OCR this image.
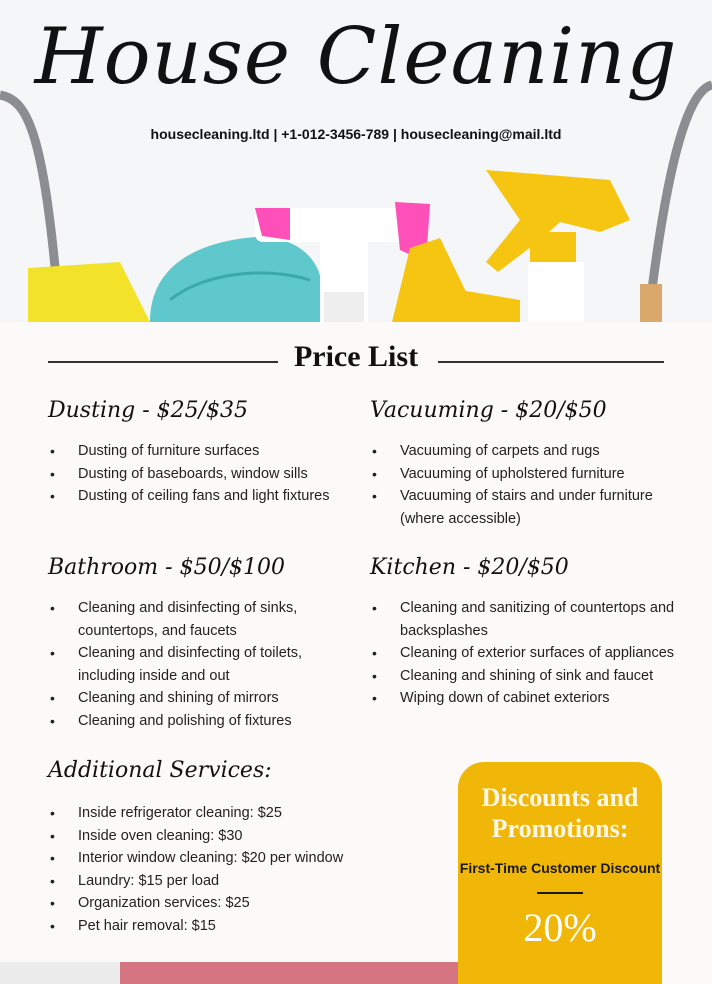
House Cleaning
housecleaning.ltd | +1-012-3456-789 | housecleaning@mail.ltd
Price List
Dusting - $25/$35
• Dusting of furniture surfaces
• Dusting of baseboards, window sills
• Dusting of ceiling fans and light fixtures
Vacuuming - $20/$50
• Vacuuming of carpets and rugs
• Vacuuming of upholstered furniture
• Vacuuming of stairs and under furniture (where accessible)
Bathroom - $50/$100
• Cleaning and disinfecting of sinks, countertops, and faucets
• Cleaning and disinfecting of toilets, including inside and out
• Cleaning and shining of mirrors
• Cleaning and polishing of fixtures
Kitchen - $20/$50
• Cleaning and sanitizing of countertops and backsplashes
• Cleaning of exterior surfaces of appliances
• Cleaning and shining of sink and faucet
• Wiping down of cabinet exteriors
Additional Services:
• Inside refrigerator cleaning: $25
• Inside oven cleaning: $30
• Interior window cleaning: $20 per window
• Laundry: $15 per load
• Organization services: $25
• Pet hair removal: $15
Discounts and Promotions:
First-Time Customer Discount
20%
